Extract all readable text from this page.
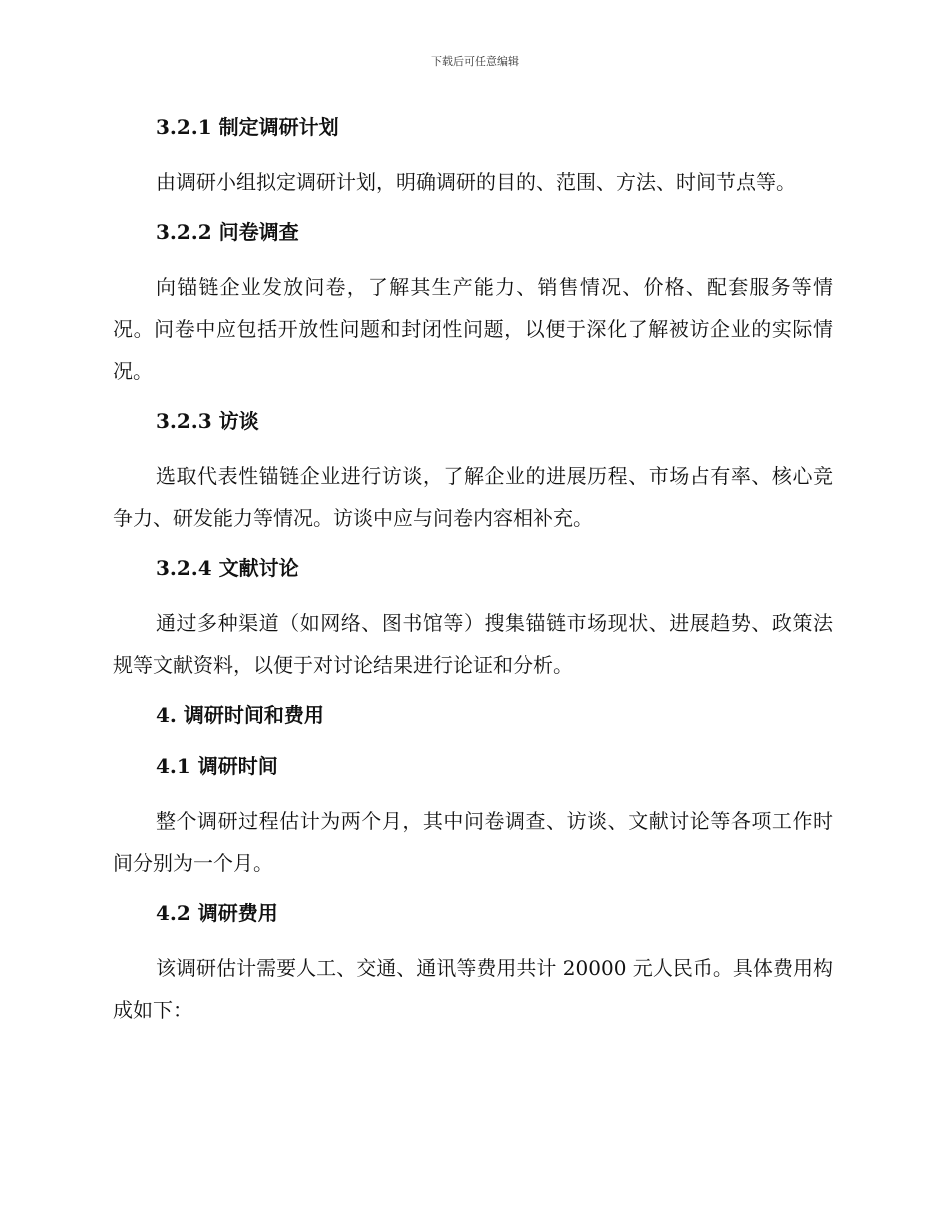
下载后可任意编辑
3.2.1 制定调研计划

由调研小组拟定调研计划，明确调研的目的、范围、方法、时间节点等。

3.2.2 问卷调查

向锚链企业发放问卷，了解其生产能力、销售情况、价格、配套服务等情况。问卷中应包括开放性问题和封闭性问题，以便于深化了解被访企业的实际情况。

3.2.3 访谈

选取代表性锚链企业进行访谈，了解企业的进展历程、市场占有率、核心竞争力、研发能力等情况。访谈中应与问卷内容相补充。

3.2.4 文献讨论

通过多种渠道（如网络、图书馆等）搜集锚链市场现状、进展趋势、政策法规等文献资料，以便于对讨论结果进行论证和分析。

4. 调研时间和费用
4.1 调研时间

整个调研过程估计为两个月，其中问卷调查、访谈、文献讨论等各项工作时间分别为一个月。

4.2 调研费用

该调研估计需要人工、交通、通讯等费用共计 20000 元人民币。具体费用构成如下：
